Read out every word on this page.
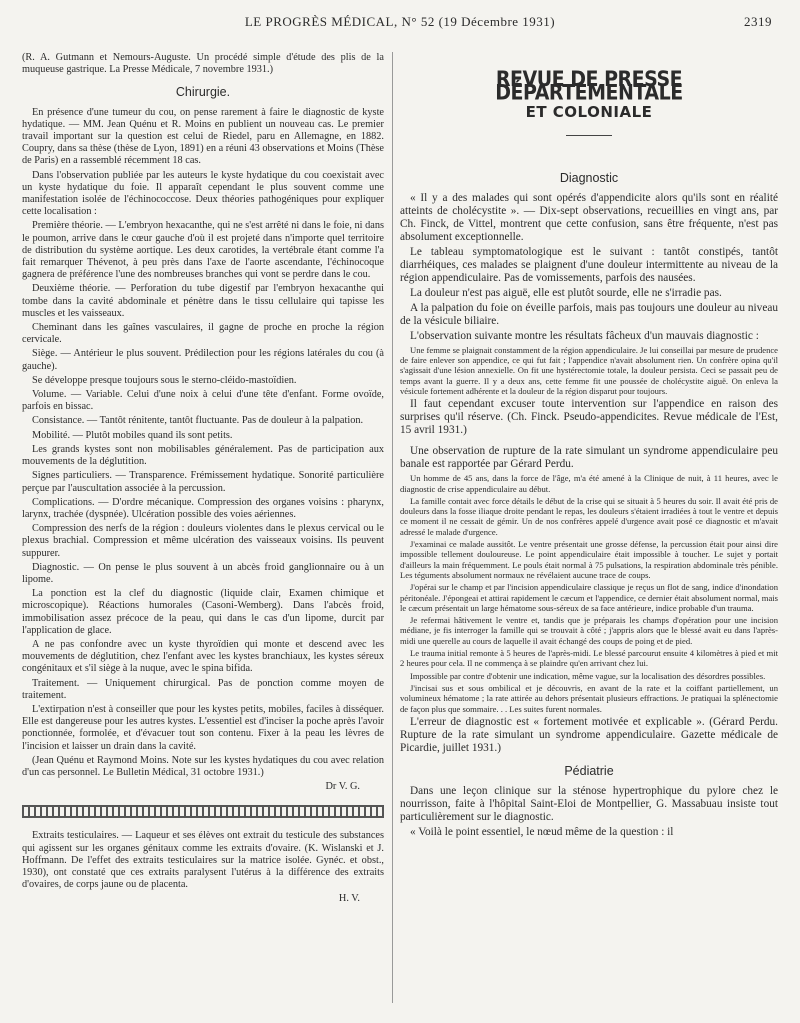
LE PROGRÈS MÉDICAL, N° 52 (19 Décembre 1931)	2319

(R. A. Gutmann et Nemours-Auguste. Un procédé simple d'étude des plis de la muqueuse gastrique. La Presse Médicale, 7 novembre 1931.)

Chirurgie.

En présence d'une tumeur du cou, on pense rarement à faire le diagnostic de kyste hydatique. — MM. Jean Quénu et R. Moins en publient un nouveau cas. Le premier travail important sur la question est celui de Riedel, paru en Allemagne, en 1882. Coupry, dans sa thèse (thèse de Lyon, 1891) en a réuni 43 observations et Moins (Thèse de Paris) en a rassemblé récemment 18 cas.

Dans l'observation publiée par les auteurs le kyste hydatique du cou coexistait avec un kyste hydatique du foie. Il apparaît cependant le plus souvent comme une manifestation isolée de l'échinococcose. Deux théories pathogéniques pour expliquer cette localisation :

Première théorie. — L'embryon hexacanthe, qui ne s'est arrêté ni dans le foie, ni dans le poumon, arrive dans le cœur gauche d'où il est projeté dans n'importe quel territoire de distribution du système aortique. Les deux carotides, la vertébrale étant comme l'a fait remarquer Thévenot, à peu près dans l'axe de l'aorte ascendante, l'échinocoque gagnera de préférence l'une des nombreuses branches qui vont se perdre dans le cou.

Deuxième théorie. — Perforation du tube digestif par l'embryon hexacanthe qui tombe dans la cavité abdominale et pénètre dans le tissu cellulaire qui tapisse les muscles et les vaisseaux.

Cheminant dans les gaînes vasculaires, il gagne de proche en proche la région cervicale.

Siège. — Antérieur le plus souvent. Prédilection pour les régions latérales du cou (à gauche).

Se développe presque toujours sous le sterno-cléido-mastoïdien.

Volume. — Variable. Celui d'une noix à celui d'une tête d'enfant. Forme ovoïde, parfois en bissac.

Consistance. — Tantôt rénitente, tantôt fluctuante. Pas de douleur à la palpation.

Mobilité. — Plutôt mobiles quand ils sont petits.

Les grands kystes sont non mobilisables généralement. Pas de participation aux mouvements de la déglutition.

Signes particuliers. — Transparence. Frémissement hydatique. Sonorité particulière perçue par l'auscultation associée à la percussion.

Complications. — D'ordre mécanique. Compression des organes voisins : pharynx, larynx, trachée (dyspnée). Ulcération possible des voies aériennes.

Compression des nerfs de la région : douleurs violentes dans le plexus cervical ou le plexus brachial. Compression et même ulcération des vaisseaux voisins. Ils peuvent suppurer.

Diagnostic. — On pense le plus souvent à un abcès froid ganglionnaire ou à un lipome.

La ponction est la clef du diagnostic (liquide clair, Examen chimique et microscopique). Réactions humorales (Casoni-Wemberg). Dans l'abcès froid, immobilisation assez précoce de la peau, qui dans le cas d'un lipome, durcit par l'application de glace.

A ne pas confondre avec un kyste thyroïdien qui monte et descend avec les mouvements de déglutition, chez l'enfant avec les kystes branchiaux, les kystes séreux congénitaux et s'il siège à la nuque, avec le spina bifida.

Traitement. — Uniquement chirurgical. Pas de ponction comme moyen de traitement.

L'extirpation n'est à conseiller que pour les kystes petits, mobiles, faciles à disséquer. Elle est dangereuse pour les autres kystes. L'essentiel est d'inciser la poche après l'avoir ponctionnée, formolée, et d'évacuer tout son contenu. Fixer à la peau les lèvres de l'incision et laisser un drain dans la cavité.

(Jean Quénu et Raymond Moins. Note sur les kystes hydatiques du cou avec relation d'un cas personnel. Le Bulletin Médical, 31 octobre 1931.)

Dr V. G.

Extraits testiculaires. — Laqueur et ses élèves ont extrait du testicule des substances qui agissent sur les organes génitaux comme les extraits d'ovaire. (K. Wislanski et J. Hoffmann. De l'effet des extraits testiculaires sur la matrice isolée. Gynéc. et obst., 1930), ont constaté que ces extraits paralysent l'utérus à la différence des extraits d'ovaires, de corps jaune ou de placenta.

H. V.
REVUE DE PRESSE DÉPARTEMENTALE
ET COLONIALE
Diagnostic

« Il y a des malades qui sont opérés d'appendicite alors qu'ils sont en réalité atteints de cholécystite ». — Dix-sept observations, recueillies en vingt ans, par Ch. Finck, de Vittel, montrent que cette confusion, sans être fréquente, n'est pas absolument exceptionnelle.

Le tableau symptomatologique est le suivant : tantôt constipés, tantôt diarrhéiques, ces malades se plaignent d'une douleur intermittente au niveau de la région appendiculaire. Pas de vomissements, parfois des nausées.

La douleur n'est pas aiguë, elle est plutôt sourde, elle ne s'irradie pas.

A la palpation du foie on éveille parfois, mais pas toujours une douleur au niveau de la vésicule biliaire.

L'observation suivante montre les résultats fâcheux d'un mauvais diagnostic :

Une femme se plaignait constamment de la région appendiculaire. Je lui conseillai par mesure de prudence de faire enlever son appendice, ce qui fut fait ; l'appendice n'avait absolument rien. Un confrère opina qu'il s'agissait d'une lésion annexielle. On fit une hystérectomie totale, la douleur persista. Ceci se passait peu de temps avant la guerre. Il y a deux ans, cette femme fit une poussée de cholécystite aiguë. On enleva la vésicule fortement adhérente et la douleur de la région disparut pour toujours.

Il faut cependant excuser toute intervention sur l'appendice en raison des surprises qu'il réserve. (Ch. Finck. Pseudo-appendicites. Revue médicale de l'Est, 15 avril 1931.)

Une observation de rupture de la rate simulant un syndrome appendiculaire peu banale est rapportée par Gérard Perdu.

Un homme de 45 ans, dans la force de l'âge, m'a été amené à la Clinique de nuit, à 11 heures, avec le diagnostic de crise appendiculaire au début.

La famille contait avec force détails le début de la crise qui se situait à 5 heures du soir. Il avait été pris de douleurs dans la fosse iliaque droite pendant le repas, les douleurs s'étaient irradiées à tout le ventre et depuis ce moment il ne cessait de gémir. Un de nos confrères appelé d'urgence avait posé ce diagnostic et m'avait adressé le malade d'urgence.

J'examinai ce malade aussitôt. Le ventre présentait une grosse défense, la percussion était pour ainsi dire impossible tellement douloureuse. Le point appendiculaire était impossible à toucher. Le sujet y portait d'ailleurs la main fréquemment. Le pouls était normal à 75 pulsations, la respiration abdominale très pénible. Les téguments absolument normaux ne révélaient aucune trace de coups.

J'opérai sur le champ et par l'incision appendiculaire classique je reçus un flot de sang, indice d'inondation péritonéale. J'épongeai et attirai rapidement le cæcum et l'appendice, ce dernier était absolument normal, mais le cæcum présentait un large hématome sous-séreux de sa face antérieure, indice probable d'un trauma.

Je refermai hâtivement le ventre et, tandis que je préparais les champs d'opération pour une incision médiane, je fis interroger la famille qui se trouvait à côté ; j'appris alors que le blessé avait eu dans l'après-midi une querelle au cours de laquelle il avait échangé des coups de poing et de pied.

Le trauma initial remonte à 5 heures de l'après-midi. Le blessé parcourut ensuite 4 kilomètres à pied et mit 2 heures pour cela. Il ne commença à se plaindre qu'en arrivant chez lui.

Impossible par contre d'obtenir une indication, même vague, sur la localisation des désordres possibles.

J'incisai sus et sous ombilical et je découvris, en avant de la rate et la coiffant partiellement, un volumineux hématome ; la rate attirée au dehors présentait plusieurs effractions. Je pratiquai la splénectomie de façon plus que sommaire. . . Les suites furent normales.

L'erreur de diagnostic est « fortement motivée et explicable ». (Gérard Perdu. Rupture de la rate simulant un syndrome appendiculaire. Gazette médicale de Picardie, juillet 1931.)

Pédiatrie

Dans une leçon clinique sur la sténose hypertrophique du pylore chez le nourrisson, faite à l'hôpital Saint-Eloi de Montpellier, G. Massabuau insiste tout particulièrement sur le diagnostic.

« Voilà le point essentiel, le nœud même de la question : il
